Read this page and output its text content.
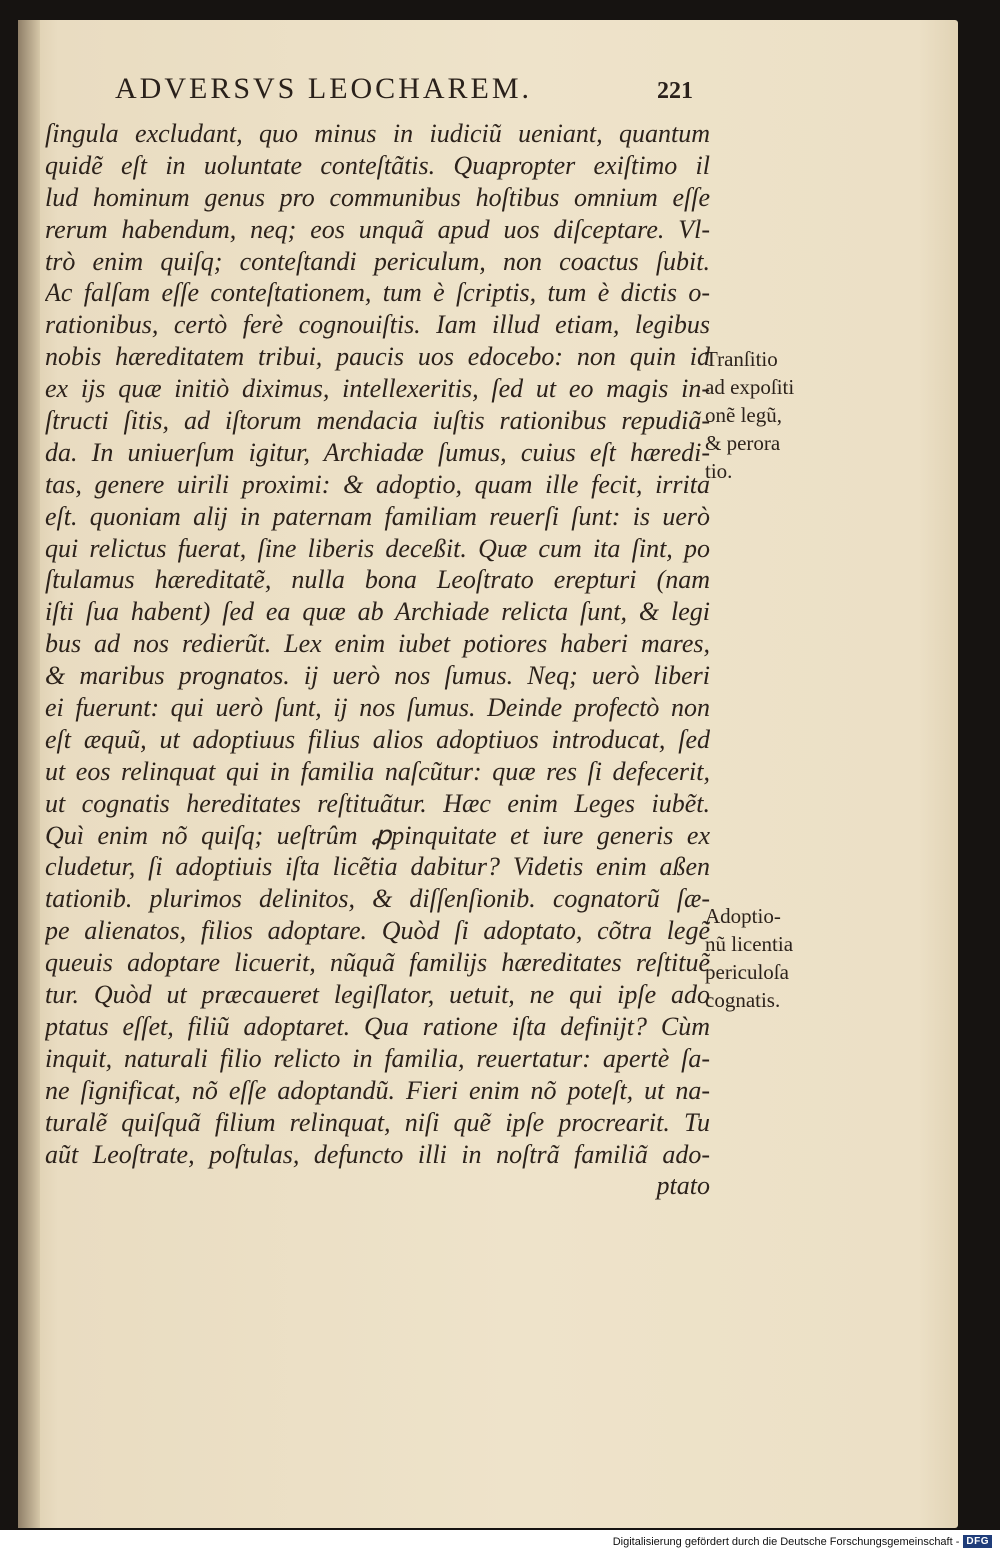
ADVERSVS LEOCHAREM.	221
ſingula excludant, quo minus in iudiciũ ueniant, quantum
quidẽ eſt in uoluntate conteſtãtis. Quapropter exiſtimo il
lud hominum genus pro communibus hoſtibus omnium eſſe
rerum habendum, neq; eos unquã apud uos diſceptare. Vl-
trò enim quiſq; conteſtandi periculum, non coactus ſubit.
Ac falſam eſſe conteſtationem, tum è ſcriptis, tum è dictis o-
rationibus, certò ferè cognouiſtis. Iam illud etiam, legibus
nobis hæreditatem tribui, paucis uos edocebo: non quin id
ex ijs quæ initiò diximus, intellexeritis, ſed ut eo magis in-
ſtructi ſitis, ad iſtorum mendacia iuſtis rationibus repudiã-
da. In uniuerſum igitur, Archiadæ ſumus, cuius eſt hæredi-
tas, genere uirili proximi: & adoptio, quam ille fecit, irrita
eſt. quoniam alij in paternam familiam reuerſi ſunt: is uerò
qui relictus fuerat, ſine liberis deceßit. Quæ cum ita ſint, po
ſtulamus hæreditatẽ, nulla bona Leoſtrato erepturi (nam
iſti ſua habent) ſed ea quæ ab Archiade relicta ſunt, & legi
bus ad nos redierũt. Lex enim iubet potiores haberi mares,
& maribus prognatos. ij uerò nos ſumus. Neq; uerò liberi
ei fuerunt: qui uerò ſunt, ij nos ſumus. Deinde profectò non
eſt æquũ, ut adoptiuus filius alios adoptiuos introducat, ſed
ut eos relinquat qui in familia naſcũtur: quæ res ſi defecerit,
ut cognatis hereditates reſtituãtur. Hæc enim Leges iubẽt.
Quì enim nõ quiſq; ueſtrûm ꝓpinquitate et iure generis ex
cludetur, ſi adoptiuis iſta licẽtia dabitur? Videtis enim aßen
tationib. plurimos delinitos, & diſſenſionib. cognatorũ ſæ-
pe alienatos, filios adoptare. Quòd ſi adoptato, cõtra legẽ
queuis adoptare licuerit, nũquã familijs hæreditates reſtituẽ
tur. Quòd ut præcaueret legiſlator, uetuit, ne qui ipſe ado
ptatus eſſet, filiũ adoptaret. Qua ratione iſta definijt? Cùm
inquit, naturali filio relicto in familia, reuertatur: apertè ſa-
ne ſignificat, nõ eſſe adoptandũ. Fieri enim nõ poteſt, ut na-
turalẽ quiſquã filium relinquat, niſi quẽ ipſe procrearit. Tu
aũt Leoſtrate, poſtulas, defuncto illi in noſtrã familiã ado-
ptato
Tranſitio
ad expoſiti
onẽ legũ,
& perora
tio.
Adoptio-
nũ licentia
periculoſa
cognatis.
Digitalisierung gefördert durch die Deutsche Forschungsgemeinschaft - DFG
